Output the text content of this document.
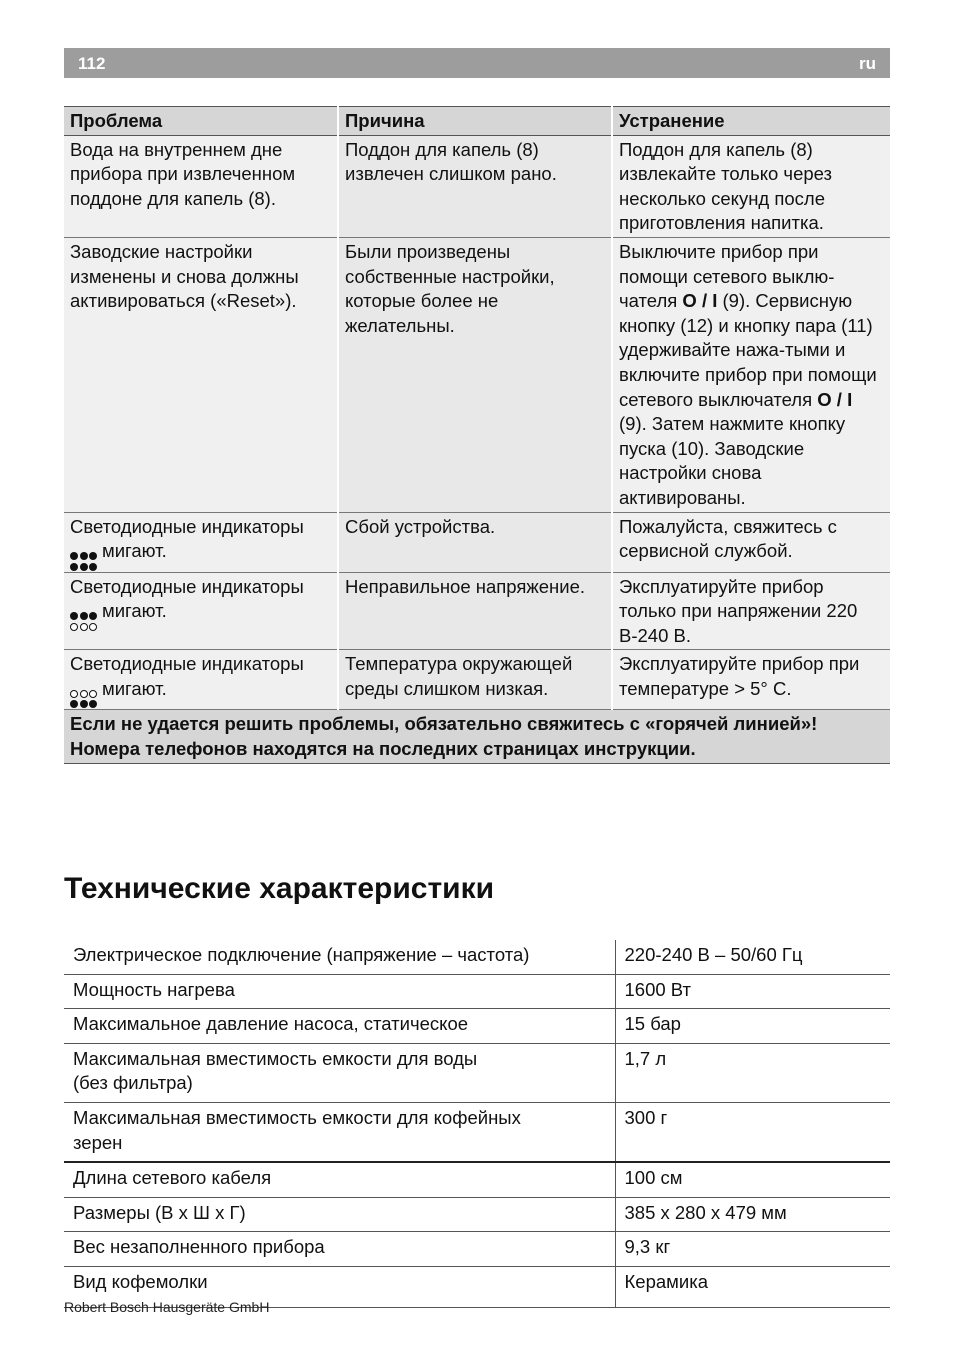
112	ru
Проблема	Причина	Устранение
Вода на внутреннем дне прибора при извлеченном поддоне для капель (8).	Поддон для капель (8) извлечен слишком рано.	Поддон для капель (8) извлекайте только через несколько секунд после приготовления напитка.
Заводские настройки изменены и снова должны активироваться («Reset»).	Были произведены собственные настройки, которые более не желательны.	Выключите прибор при помощи сетевого выклю-чателя O / I (9). Сервисную кнопку (12) и кнопку пара (11) удерживайте нажа-тыми и включите прибор при помощи сетевого выключателя O / I (9). Затем нажмите кнопку пуска (10). Заводские настройки снова активированы.
Светодиодные индикаторы

мигают.	Сбой устройства.	Пожалуйста, свяжитесь с сервисной службой.
Светодиодные индикаторы

мигают.	Неправильное напряжение.	Эксплуатируйте прибор только при напряжении 220 В-240 В.
Светодиодные индикаторы

мигают.	Температура окружающей среды слишком низкая.	Эксплуатируйте прибор при температуре > 5° C.
Если не удается решить проблемы, обязательно свяжитесь с «горячей линией»! Номера телефонов находятся на последних страницах инструкции.		
Технические характеристики
Электрическое подключение (напряжение – частота)	220-240 В – 50/60 Гц
Мощность нагрева	1600 Вт
Максимальное давление насоса, статическое	15 бар
Максимальная вместимость емкости для воды
(без фильтра)	1,7 л
Максимальная вместимость емкости для кофейных зерен	300 г
Длина сетевого кабеля	100 см
Размеры (В x Ш x Г)	385 x 280 x 479 мм
Вес незаполненного прибора	9,3 кг
Вид кофемолки	Керамика
Robert Bosch Hausgeräte GmbH
